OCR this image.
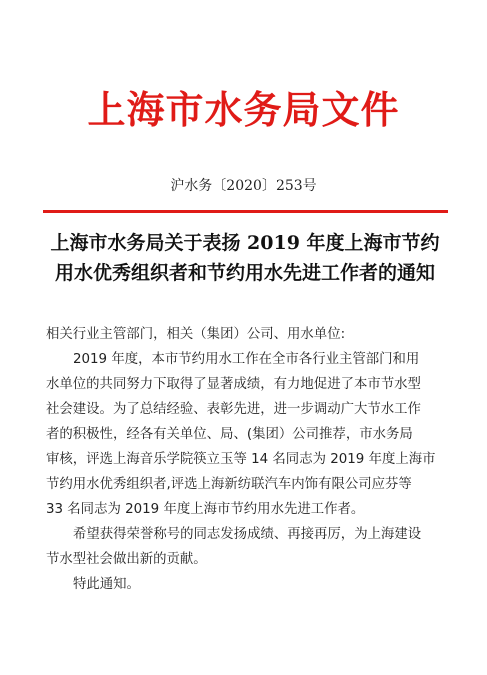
上海市水务局文件
沪水务〔2020〕253号
上海市水务局关于表扬 2019 年度上海市节约
用水优秀组织者和节约用水先进工作者的通知
相关行业主管部门，相关（集团）公司、用水单位:
2019 年度，本市节约用水工作在全市各行业主管部门和用
水单位的共同努力下取得了显著成绩，有力地促进了本市节水型
社会建设。为了总结经验、表彰先进，进一步调动广大节水工作
者的积极性，经各有关单位、局、(集团）公司推荐，市水务局
审核，评选上海音乐学院筷立玉等 14 名同志为 2019 年度上海市
节约用水优秀组织者,评选上海新纺联汽车内饰有限公司应芬等
33 名同志为 2019 年度上海市节约用水先进工作者。
希望获得荣誉称号的同志发扬成绩、再接再厉，为上海建设
节水型社会做出新的贡献。
特此通知。
